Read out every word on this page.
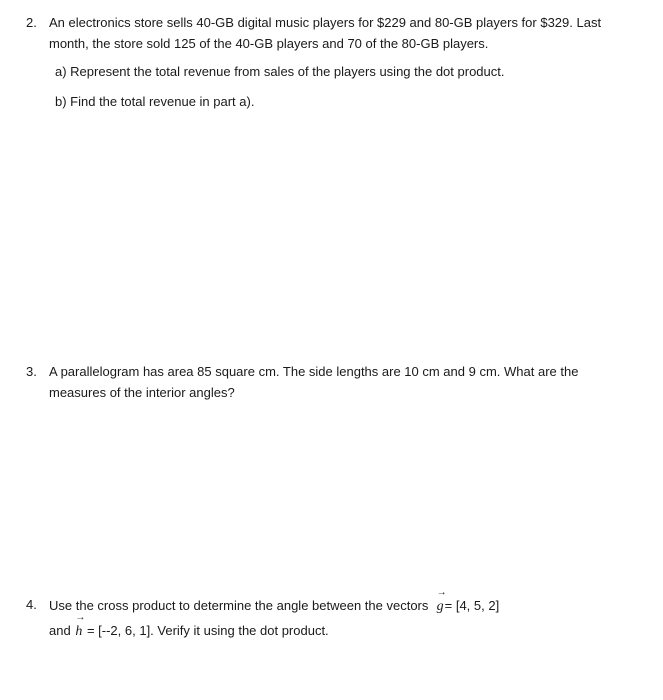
2. An electronics store sells 40-GB digital music players for $229 and 80-GB players for $329. Last
month, the store sold 125 of the 40-GB players and 70 of the 80-GB players.
a) Represent the total revenue from sales of the players using the dot product.
b) Find the total revenue in part a).
3. A parallelogram has area 85 square cm. The side lengths are 10 cm and 9 cm. What are the
measures of the interior angles?
4. Use the cross product to determine the angle between the vectors
→
g= [4, 5, 2]
and
→
h = [--2, 6, 1]. Verify it using the dot product.
